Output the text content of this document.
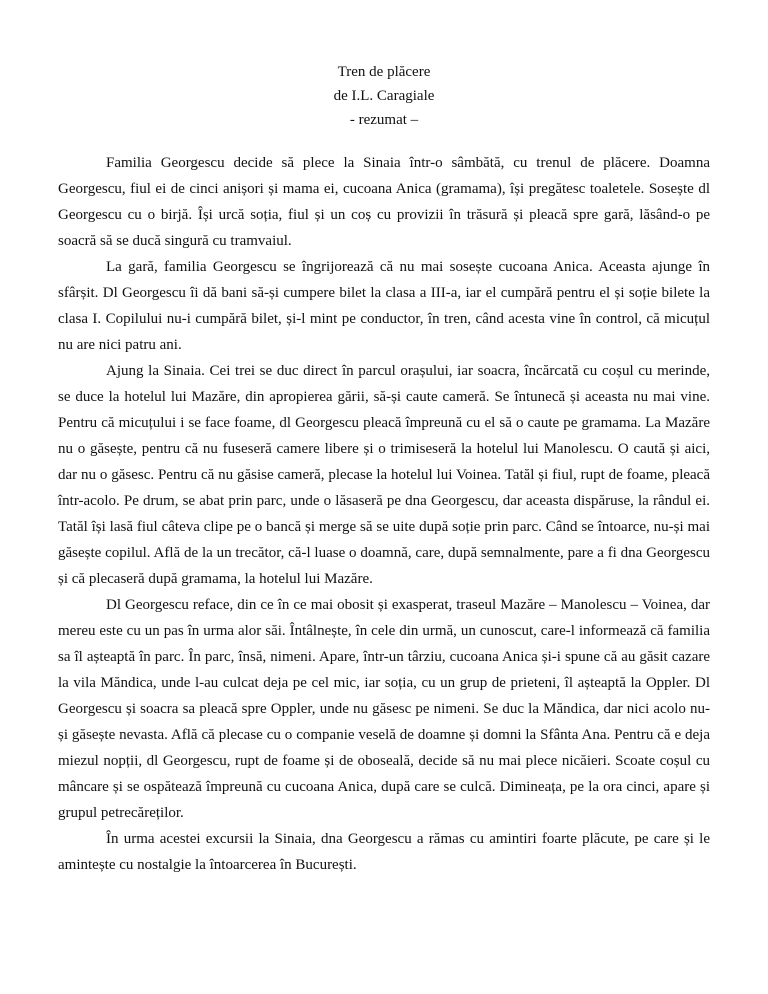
Tren de plăcere
de I.L. Caragiale
- rezumat –

Familia Georgescu decide să plece la Sinaia într-o sâmbătă, cu trenul de plăcere. Doamna Georgescu, fiul ei de cinci anișori și mama ei, cucoana Anica (gramama), își pregătesc toaletele. Sosește dl Georgescu cu o birjă. Își urcă soția, fiul și un coș cu provizii în trăsură și pleacă spre gară, lăsând-o pe soacră să se ducă singură cu tramvaiul.

La gară, familia Georgescu se îngrijorează că nu mai sosește cucoana Anica. Aceasta ajunge în sfârșit. Dl Georgescu îi dă bani să-și cumpere bilet la clasa a III-a, iar el cumpără pentru el și soție bilete la clasa I. Copilului nu-i cumpără bilet, și-l mint pe conductor, în tren, când acesta vine în control, că micuțul nu are nici patru ani.

Ajung la Sinaia. Cei trei se duc direct în parcul orașului, iar soacra, încărcată cu coșul cu merinde, se duce la hotelul lui Mazăre, din apropierea gării, să-și caute cameră. Se întunecă și aceasta nu mai vine. Pentru că micuțului i se face foame, dl Georgescu pleacă împreună cu el să o caute pe gramama. La Mazăre nu o găsește, pentru că nu fuseseră camere libere și o trimiseseră la hotelul lui Manolescu. O caută și aici, dar nu o găsesc. Pentru că nu găsise cameră, plecase la hotelul lui Voinea. Tatăl și fiul, rupt de foame, pleacă într-acolo. Pe drum, se abat prin parc, unde o lăsaseră pe dna Georgescu, dar aceasta dispăruse, la rândul ei. Tatăl își lasă fiul câteva clipe pe o bancă și merge să se uite după soție prin parc. Când se întoarce, nu-și mai găsește copilul. Află de la un trecător, că-l luase o doamnă, care, după semnalmente, pare a fi dna Georgescu și că plecaseră după gramama, la hotelul lui Mazăre.

Dl Georgescu reface, din ce în ce mai obosit și exasperat, traseul Mazăre – Manolescu – Voinea, dar mereu este cu un pas în urma alor săi. Întâlnește, în cele din urmă, un cunoscut, care-l informează că familia sa îl așteaptă în parc. În parc, însă, nimeni. Apare, într-un târziu, cucoana Anica și-i spune că au găsit cazare la vila Măndica, unde l-au culcat deja pe cel mic, iar soția, cu un grup de prieteni, îl așteaptă la Oppler. Dl Georgescu și soacra sa pleacă spre Oppler, unde nu găsesc pe nimeni. Se duc la Măndica, dar nici acolo nu-și găsește nevasta. Află că plecase cu o companie veselă de doamne și domni la Sfânta Ana. Pentru că e deja miezul nopții, dl Georgescu, rupt de foame și de oboseală, decide să nu mai plece nicăieri. Scoate coșul cu mâncare și se ospătează împreună cu cucoana Anica, după care se culcă. Dimineața, pe la ora cinci, apare și grupul petrecăreților.

În urma acestei excursii la Sinaia, dna Georgescu a rămas cu amintiri foarte plăcute, pe care și le amintește cu nostalgie la întoarcerea în București.
